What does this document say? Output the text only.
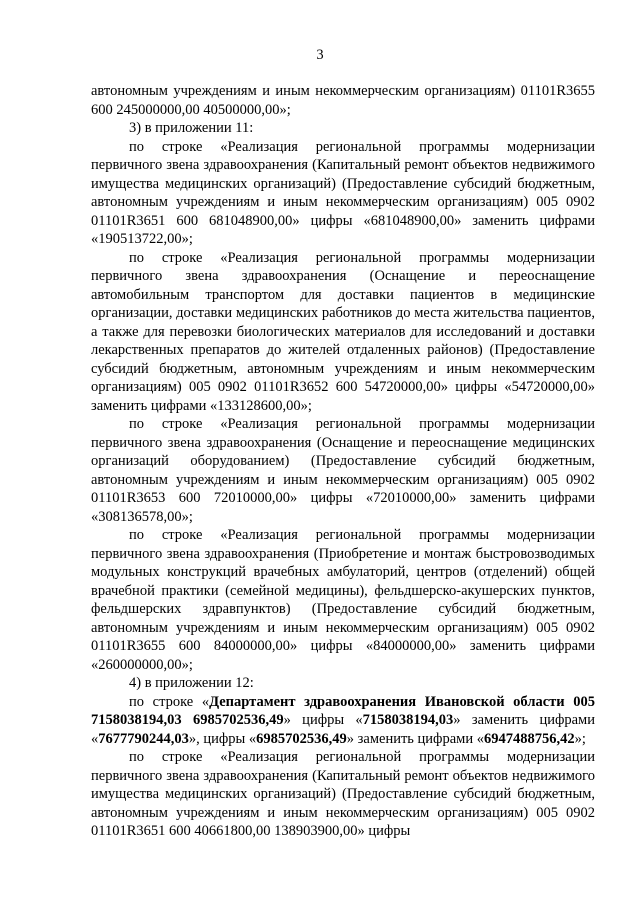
3

автономным учреждениям и иным некоммерческим организациям) 01101R3655 600 245000000,00 40500000,00»;

3) в приложении 11:

по строке «Реализация региональной программы модернизации первичного звена здравоохранения (Капитальный ремонт объектов недвижимого имущества медицинских организаций) (Предоставление субсидий бюджетным, автономным учреждениям и иным некоммерческим организациям) 005 0902 01101R3651 600 681048900,00» цифры «681048900,00» заменить цифрами «190513722,00»;

по строке «Реализация региональной программы модернизации первичного звена здравоохранения (Оснащение и переоснащение автомобильным транспортом для доставки пациентов в медицинские организации, доставки медицинских работников до места жительства пациентов, а также для перевозки биологических материалов для исследований и доставки лекарственных препаратов до жителей отдаленных районов) (Предоставление субсидий бюджетным, автономным учреждениям и иным некоммерческим организациям) 005 0902 01101R3652 600 54720000,00» цифры «54720000,00» заменить цифрами «133128600,00»;

по строке «Реализация региональной программы модернизации первичного звена здравоохранения (Оснащение и переоснащение медицинских организаций оборудованием) (Предоставление субсидий бюджетным, автономным учреждениям и иным некоммерческим организациям) 005 0902 01101R3653 600 72010000,00» цифры «72010000,00» заменить цифрами «308136578,00»;

по строке «Реализация региональной программы модернизации первичного звена здравоохранения (Приобретение и монтаж быстровозводимых модульных конструкций врачебных амбулаторий, центров (отделений) общей врачебной практики (семейной медицины), фельдшерско-акушерских пунктов, фельдшерских здравпунктов) (Предоставление субсидий бюджетным, автономным учреждениям и иным некоммерческим организациям) 005 0902 01101R3655 600 84000000,00» цифры «84000000,00» заменить цифрами «260000000,00»;

4) в приложении 12:

по строке «Департамент здравоохранения Ивановской области 005 7158038194,03 6985702536,49» цифры «7158038194,03» заменить цифрами «7677790244,03», цифры «6985702536,49» заменить цифрами «6947488756,42»;

по строке «Реализация региональной программы модернизации первичного звена здравоохранения (Капитальный ремонт объектов недвижимого имущества медицинских организаций) (Предоставление субсидий бюджетным, автономным учреждениям и иным некоммерческим организациям) 005 0902 01101R3651 600 40661800,00 138903900,00» цифры
